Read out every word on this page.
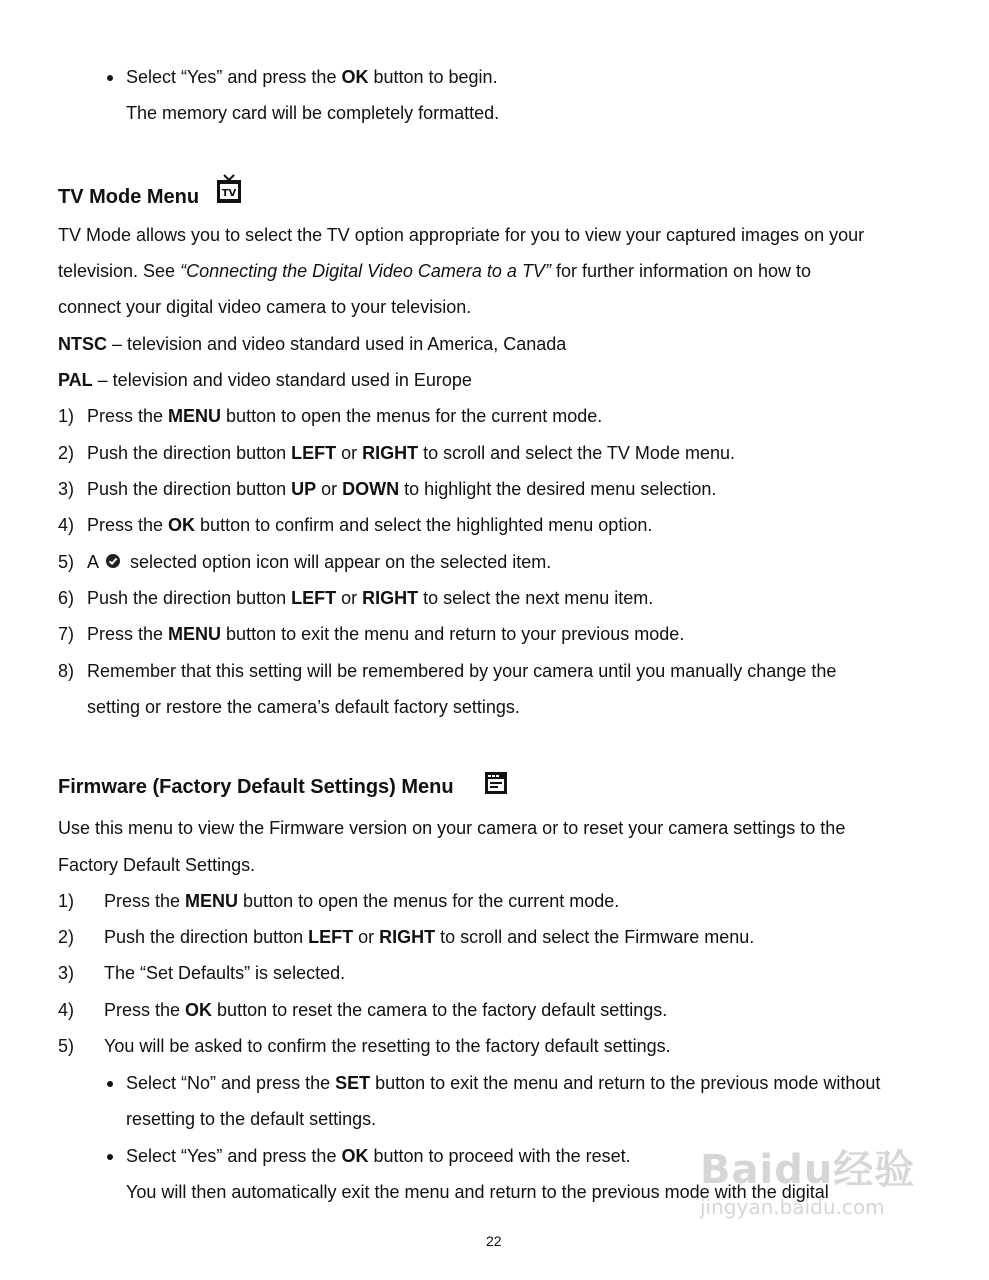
Select “Yes” and press the OK button to begin.
The memory card will be completely formatted.
TV Mode Menu TV
TV Mode allows you to select the TV option appropriate for you to view your captured images on your
television. See “Connecting the Digital Video Camera to a TV” for further information on how to
connect your digital video camera to your television.
NTSC – television and video standard used in America, Canada
PAL – television and video standard used in Europe
1) Press the MENU button to open the menus for the current mode.
2) Push the direction button LEFT or RIGHT to scroll and select the TV Mode menu.
3) Push the direction button UP or DOWN to highlight the desired menu selection.
4) Press the OK button to confirm and select the highlighted menu option.
5) A  selected option icon will appear on the selected item.
6) Push the direction button LEFT or RIGHT to select the next menu item.
7) Press the MENU button to exit the menu and return to your previous mode.
8) Remember that this setting will be remembered by your camera until you manually change the
setting or restore the camera’s default factory settings.
Firmware (Factory Default Settings) Menu
Use this menu to view the Firmware version on your camera or to reset your camera settings to the
Factory Default Settings.
1) Press the MENU button to open the menus for the current mode.
2) Push the direction button LEFT or RIGHT to scroll and select the Firmware menu.
3) The “Set Defaults” is selected.
4) Press the OK button to reset the camera to the factory default settings.
5) You will be asked to confirm the resetting to the factory default settings.
Select “No” and press the SET button to exit the menu and return to the previous mode without
resetting to the default settings.
Select “Yes” and press the OK button to proceed with the reset.
You will then automatically exit the menu and return to the previous mode with the digital
22
Baidu经验
jingyan.baidu.com
